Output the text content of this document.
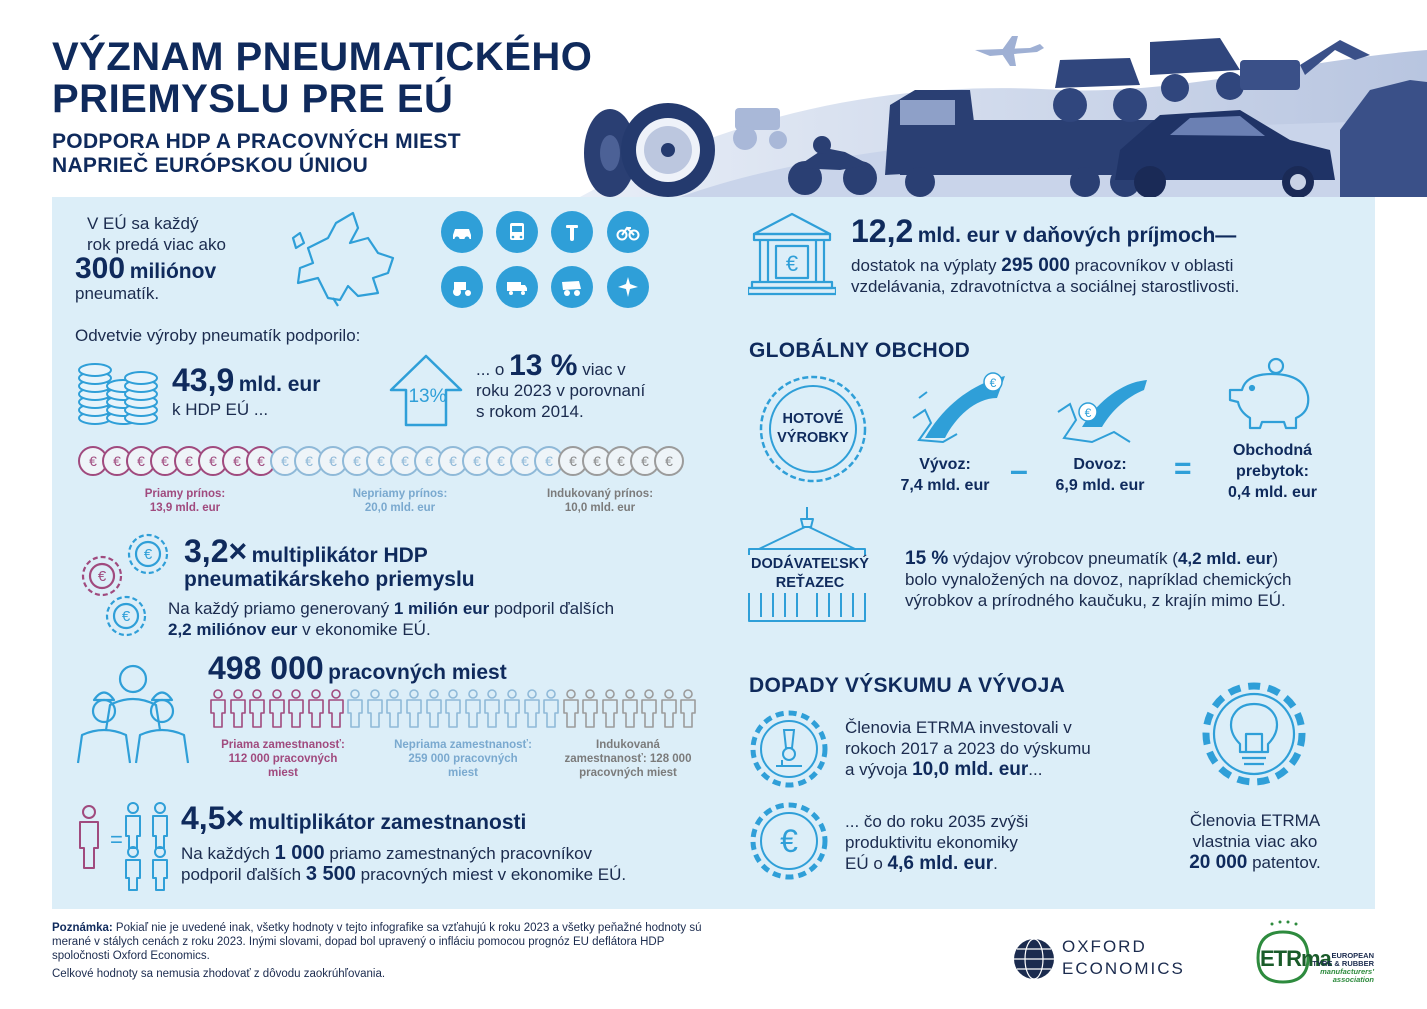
VÝZNAM PNEUMATICKÉHO
PRIEMYSLU PRE EÚ
PODPORA HDP A PRACOVNÝCH MIEST
NAPRIEČ EURÓPSKOU ÚNIOU
V EÚ sa každý
rok predá viac ako
300 miliónov
pneumatík.
Odvetvie výroby pneumatík podporilo:
43,9 mld. eur
k HDP EÚ ...
13%
... o 13 % viac v
roku 2023 v porovnaní
s rokom 2014.
€	€	€	€	€	€	€	€	€	€	€	€	€	€	€	€	€	€	€	€	€	€	€	€	€
Priamy prínos:
13,9 mld. eur
Nepriamy prínos:
20,0 mld. eur
Indukovaný prínos:
10,0 mld. eur
€
€
€
3,2× multiplikátor HDP
pneumatikárskeho priemyslu
Na každý priamo generovaný 1 milión eur podporil ďalších
2,2 miliónov eur v ekonomike EÚ.
498 000 pracovných miest
Priama zamestnanosť:
112 000 pracovných
miest
Nepriama zamestnanosť:
259 000 pracovných
miest
Indukovaná
zamestnanosť: 128 000
pracovných miest
=
4,5× multiplikátor zamestnanosti
Na každých 1 000 priamo zamestnaných pracovníkov
podporil ďalších 3 500 pracovných miest v ekonomike EÚ.
€
12,2 mld. eur v daňových príjmoch—
dostatok na výplaty 295 000 pracovníkov v oblasti
vzdelávania, zdravotníctva a sociálnej starostlivosti.
GLOBÁLNY OBCHOD
HOTOVÉ
VÝROBKY
€
Vývoz:
7,4 mld. eur –
€
Dovoz:
6,9 mld. eur
=
Obchodná
prebytok:
0,4 mld. eur
DODÁVATEĽSKÝ
REŤAZEC
15 % výdajov výrobcov pneumatík (4,2 mld. eur)
bolo vynaložených na dovoz, napríklad chemických
výrobkov a prírodného kaučuku, z krajín mimo EÚ.
DOPADY VÝSKUMU A VÝVOJA
Členovia ETRMA investovali v
rokoch 2017 a 2023 do výskumu
a vývoja 10,0 mld. eur...
€
... čo do roku 2035 zvýši
produktivitu ekonomiky
EÚ o 4,6 mld. eur.
Členovia ETRMA
vlastnia viac ako
20 000 patentov.
Poznámka: Pokiaľ nie je uvedené inak, všetky hodnoty v tejto infografike sa vzťahujú k roku 2023 a všetky peňažné hodnoty sú merané v stálych cenách z roku 2023. Inými slovami, dopad bol upravený o infláciu pomocou prognóz EU deflátora HDP spoločnosti Oxford Economics.
Celkové hodnoty sa nemusia zhodovať z dôvodu zaokrúhľovania.
OXFORD
ECONOMICS	ETRma EUROPEAN
TYRE & RUBBER
manufacturers'
association
